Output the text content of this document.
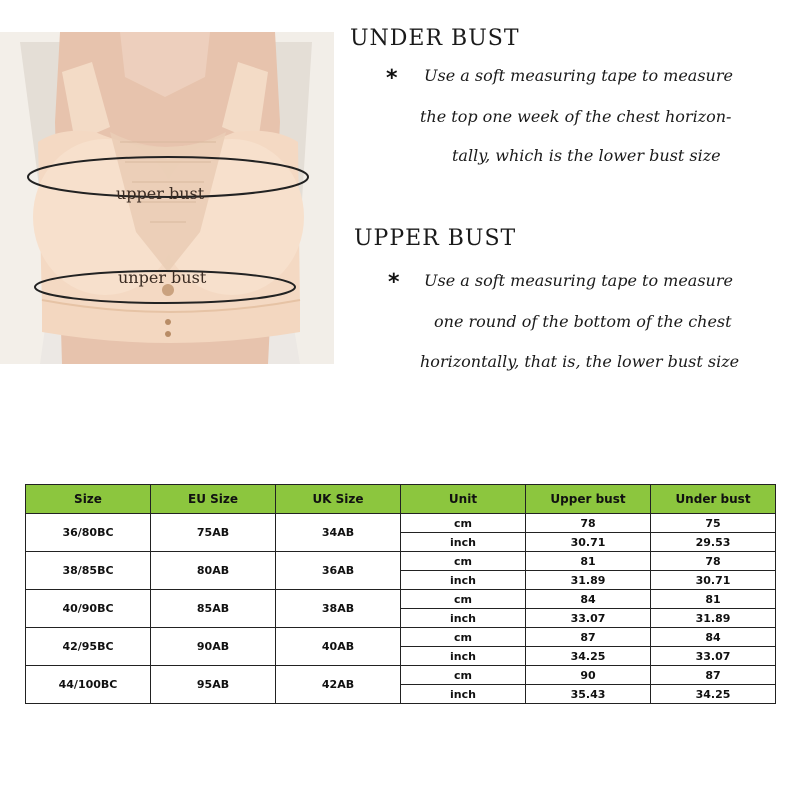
upper bust
unper bust
UNDER BUST
* Use a soft measuring tape to measure
the top one week of the chest horizon-
tally, which is the lower bust size
UPPER BUST
* Use a soft measuring tape to measure
one round of the bottom of the chest
horizontally, that is, the lower bust size
Size	EU Size	UK Size	Unit	Upper bust	Under bust
36/80BC	75AB	34AB	cm	78	75
			inch	30.71	29.53
38/85BC	80AB	36AB	cm	81	78
			inch	31.89	30.71
40/90BC	85AB	38AB	cm	84	81
			inch	33.07	31.89
42/95BC	90AB	40AB	cm	87	84
			inch	34.25	33.07
44/100BC	95AB	42AB	cm	90	87
			inch	35.43	34.25
